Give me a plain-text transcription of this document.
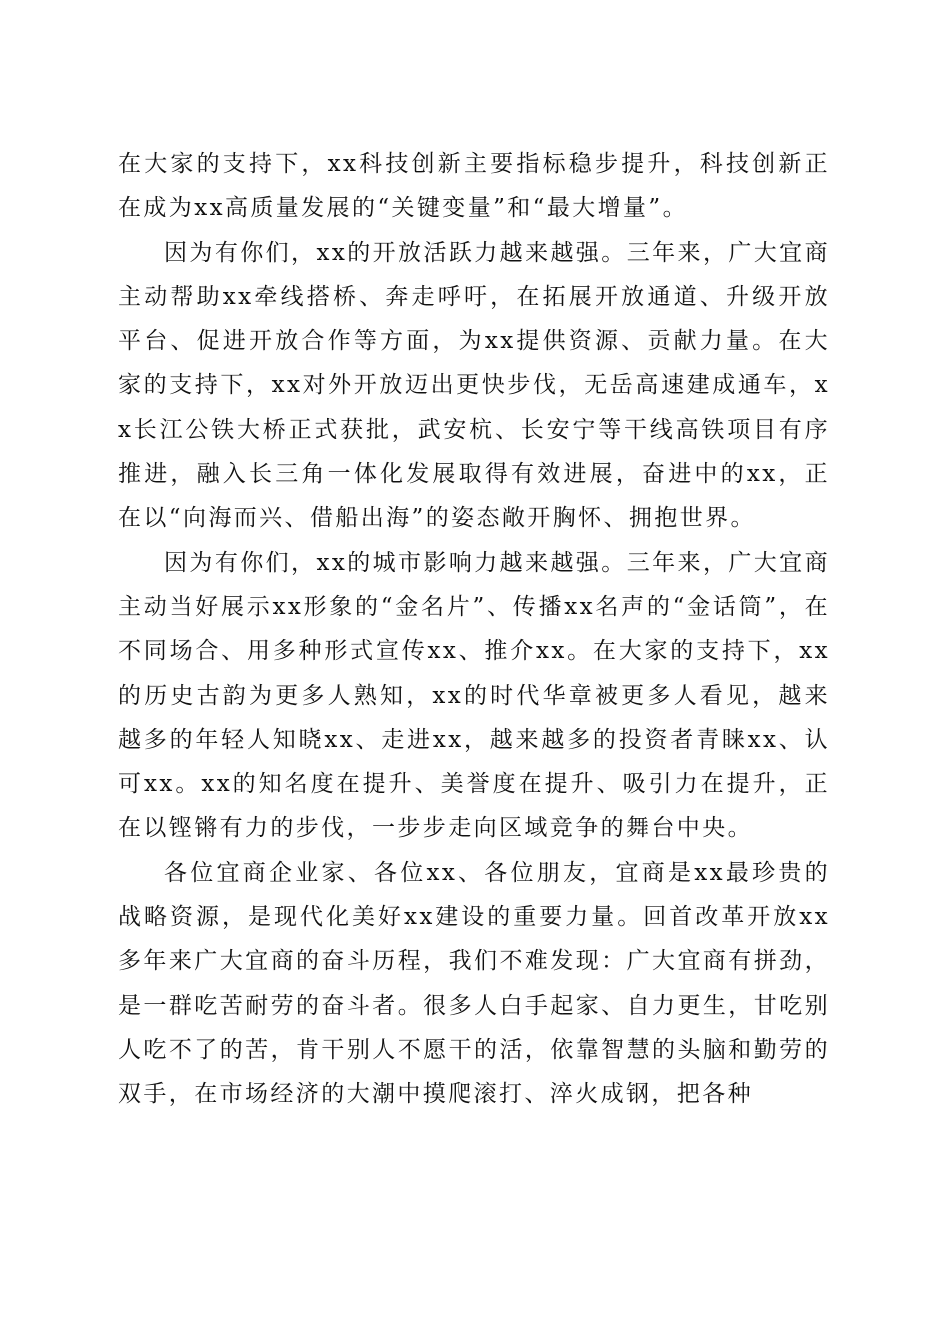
在大家的支持下，xx科技创新主要指标稳步提升，科技创新正在成为xx高质量发展的“关键变量”和“最大增量”。

因为有你们，xx的开放活跃力越来越强。三年来，广大宜商主动帮助xx牵线搭桥、奔走呼吁，在拓展开放通道、升级开放平台、促进开放合作等方面，为xx提供资源、贡献力量。在大家的支持下，xx对外开放迈出更快步伐，无岳高速建成通车，xx长江公铁大桥正式获批，武安杭、长安宁等干线高铁项目有序推进，融入长三角一体化发展取得有效进展，奋进中的xx，正在以“向海而兴、借船出海”的姿态敞开胸怀、拥抱世界。

因为有你们，xx的城市影响力越来越强。三年来，广大宜商主动当好展示xx形象的“金名片”、传播xx名声的“金话筒”，在不同场合、用多种形式宣传xx、推介xx。在大家的支持下，xx的历史古韵为更多人熟知，xx的时代华章被更多人看见，越来越多的年轻人知晓xx、走进xx，越来越多的投资者青睐xx、认可xx。xx的知名度在提升、美誉度在提升、吸引力在提升，正在以铿锵有力的步伐，一步步走向区域竞争的舞台中央。

各位宜商企业家、各位xx、各位朋友，宜商是xx最珍贵的战略资源，是现代化美好xx建设的重要力量。回首改革开放xx多年来广大宜商的奋斗历程，我们不难发现：广大宜商有拼劲，是一群吃苦耐劳的奋斗者。很多人白手起家、自力更生，甘吃别人吃不了的苦，肯干别人不愿干的活，依靠智慧的头脑和勤劳的双手，在市场经济的大潮中摸爬滚打、淬火成钢，把各种
